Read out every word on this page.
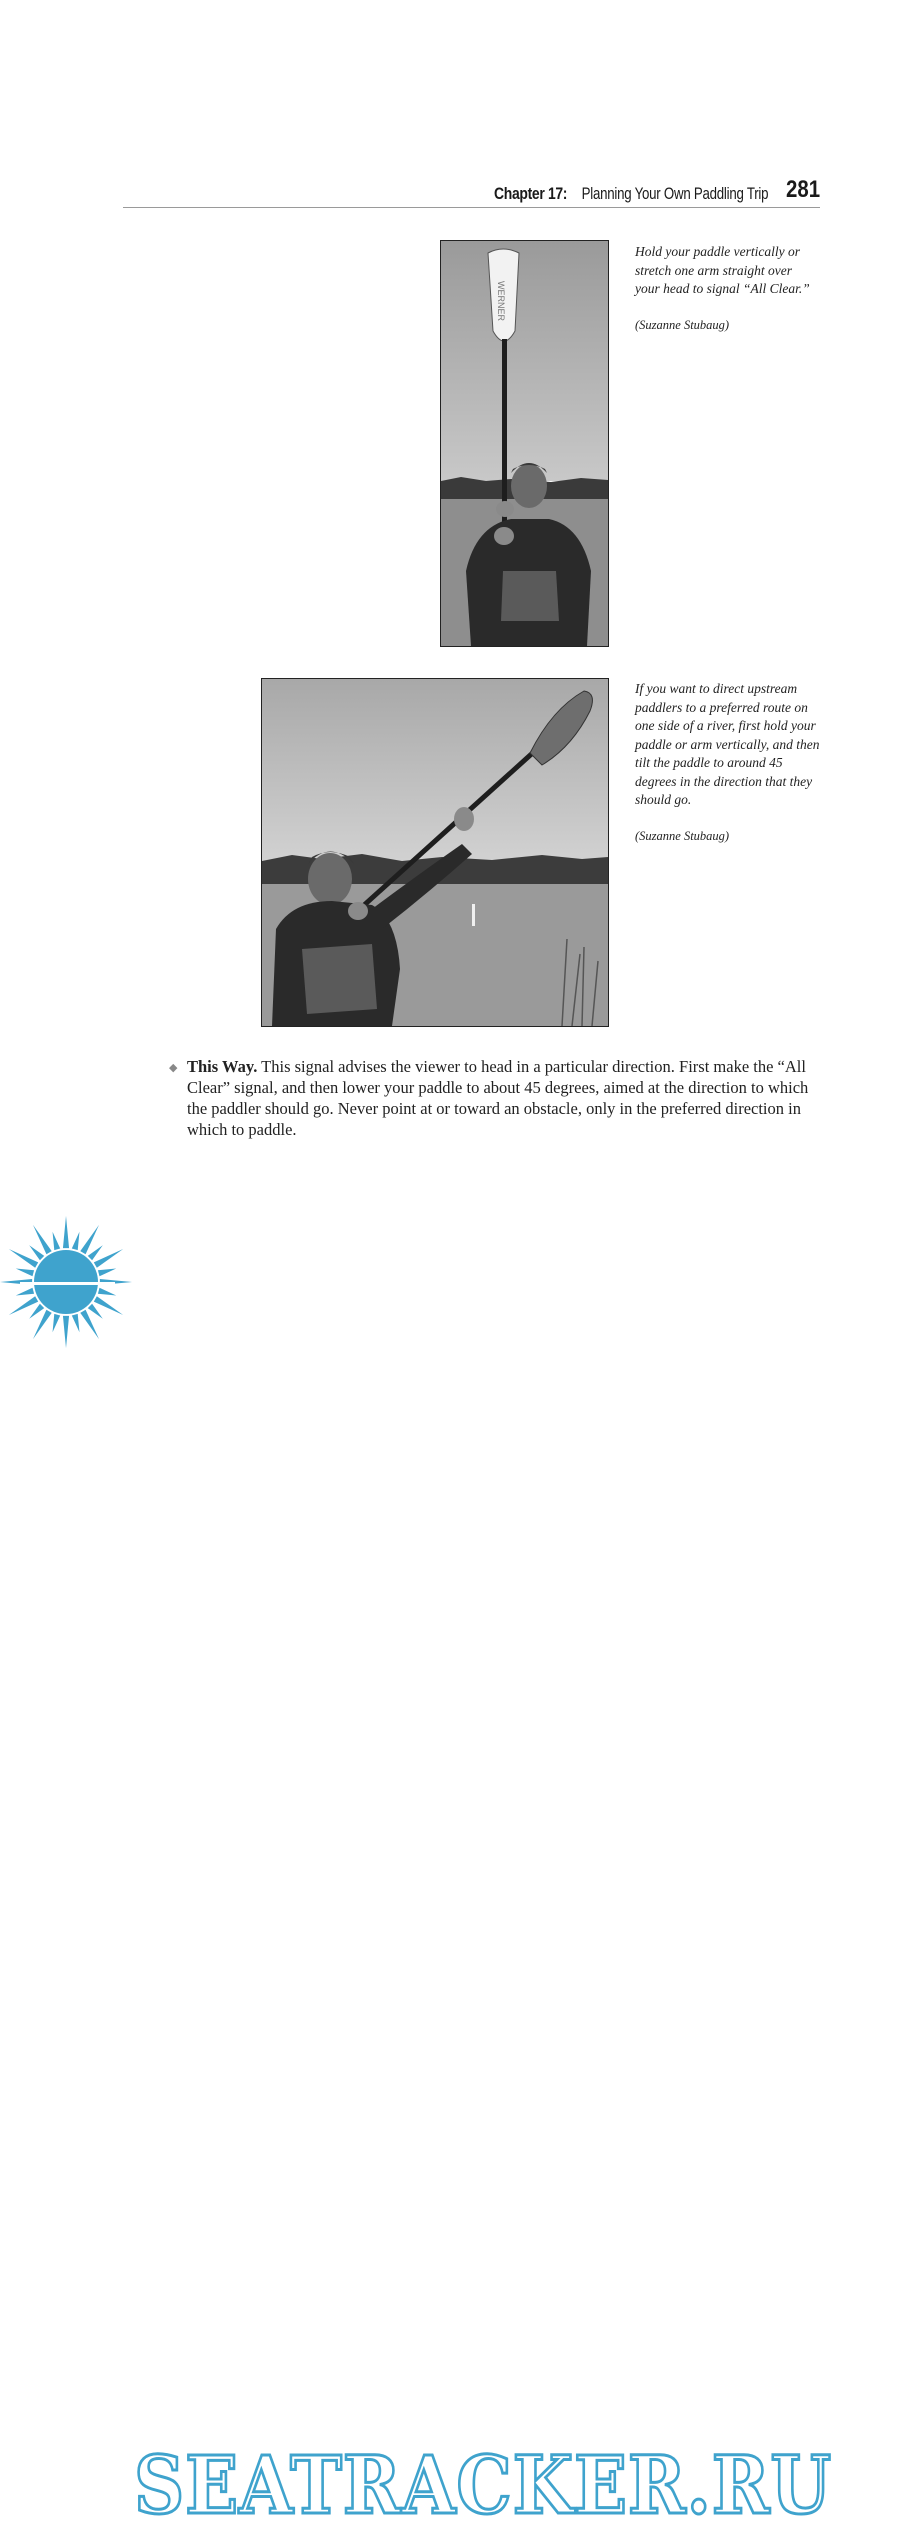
Chapter 17: Planning Your Own Paddling Trip 281
WERNER

Hold your paddle vertically or stretch one arm straight over your head to signal “All Clear.”

(Suzanne Stubaug)

If you want to direct upstream paddlers to a preferred route on one side of a river, first hold your paddle or arm vertically, and then tilt the paddle to around 45 degrees in the direction that they should go.

(Suzanne Stubaug)

◆ This Way. This signal advises the viewer to head in a particular direction. First make the “All Clear” signal, and then lower your paddle to about 45 degrees, aimed at the direction to which the paddler should go. Never point at or toward an obstacle, only in the preferred direction in which to paddle.
SEATRACKER.RU
